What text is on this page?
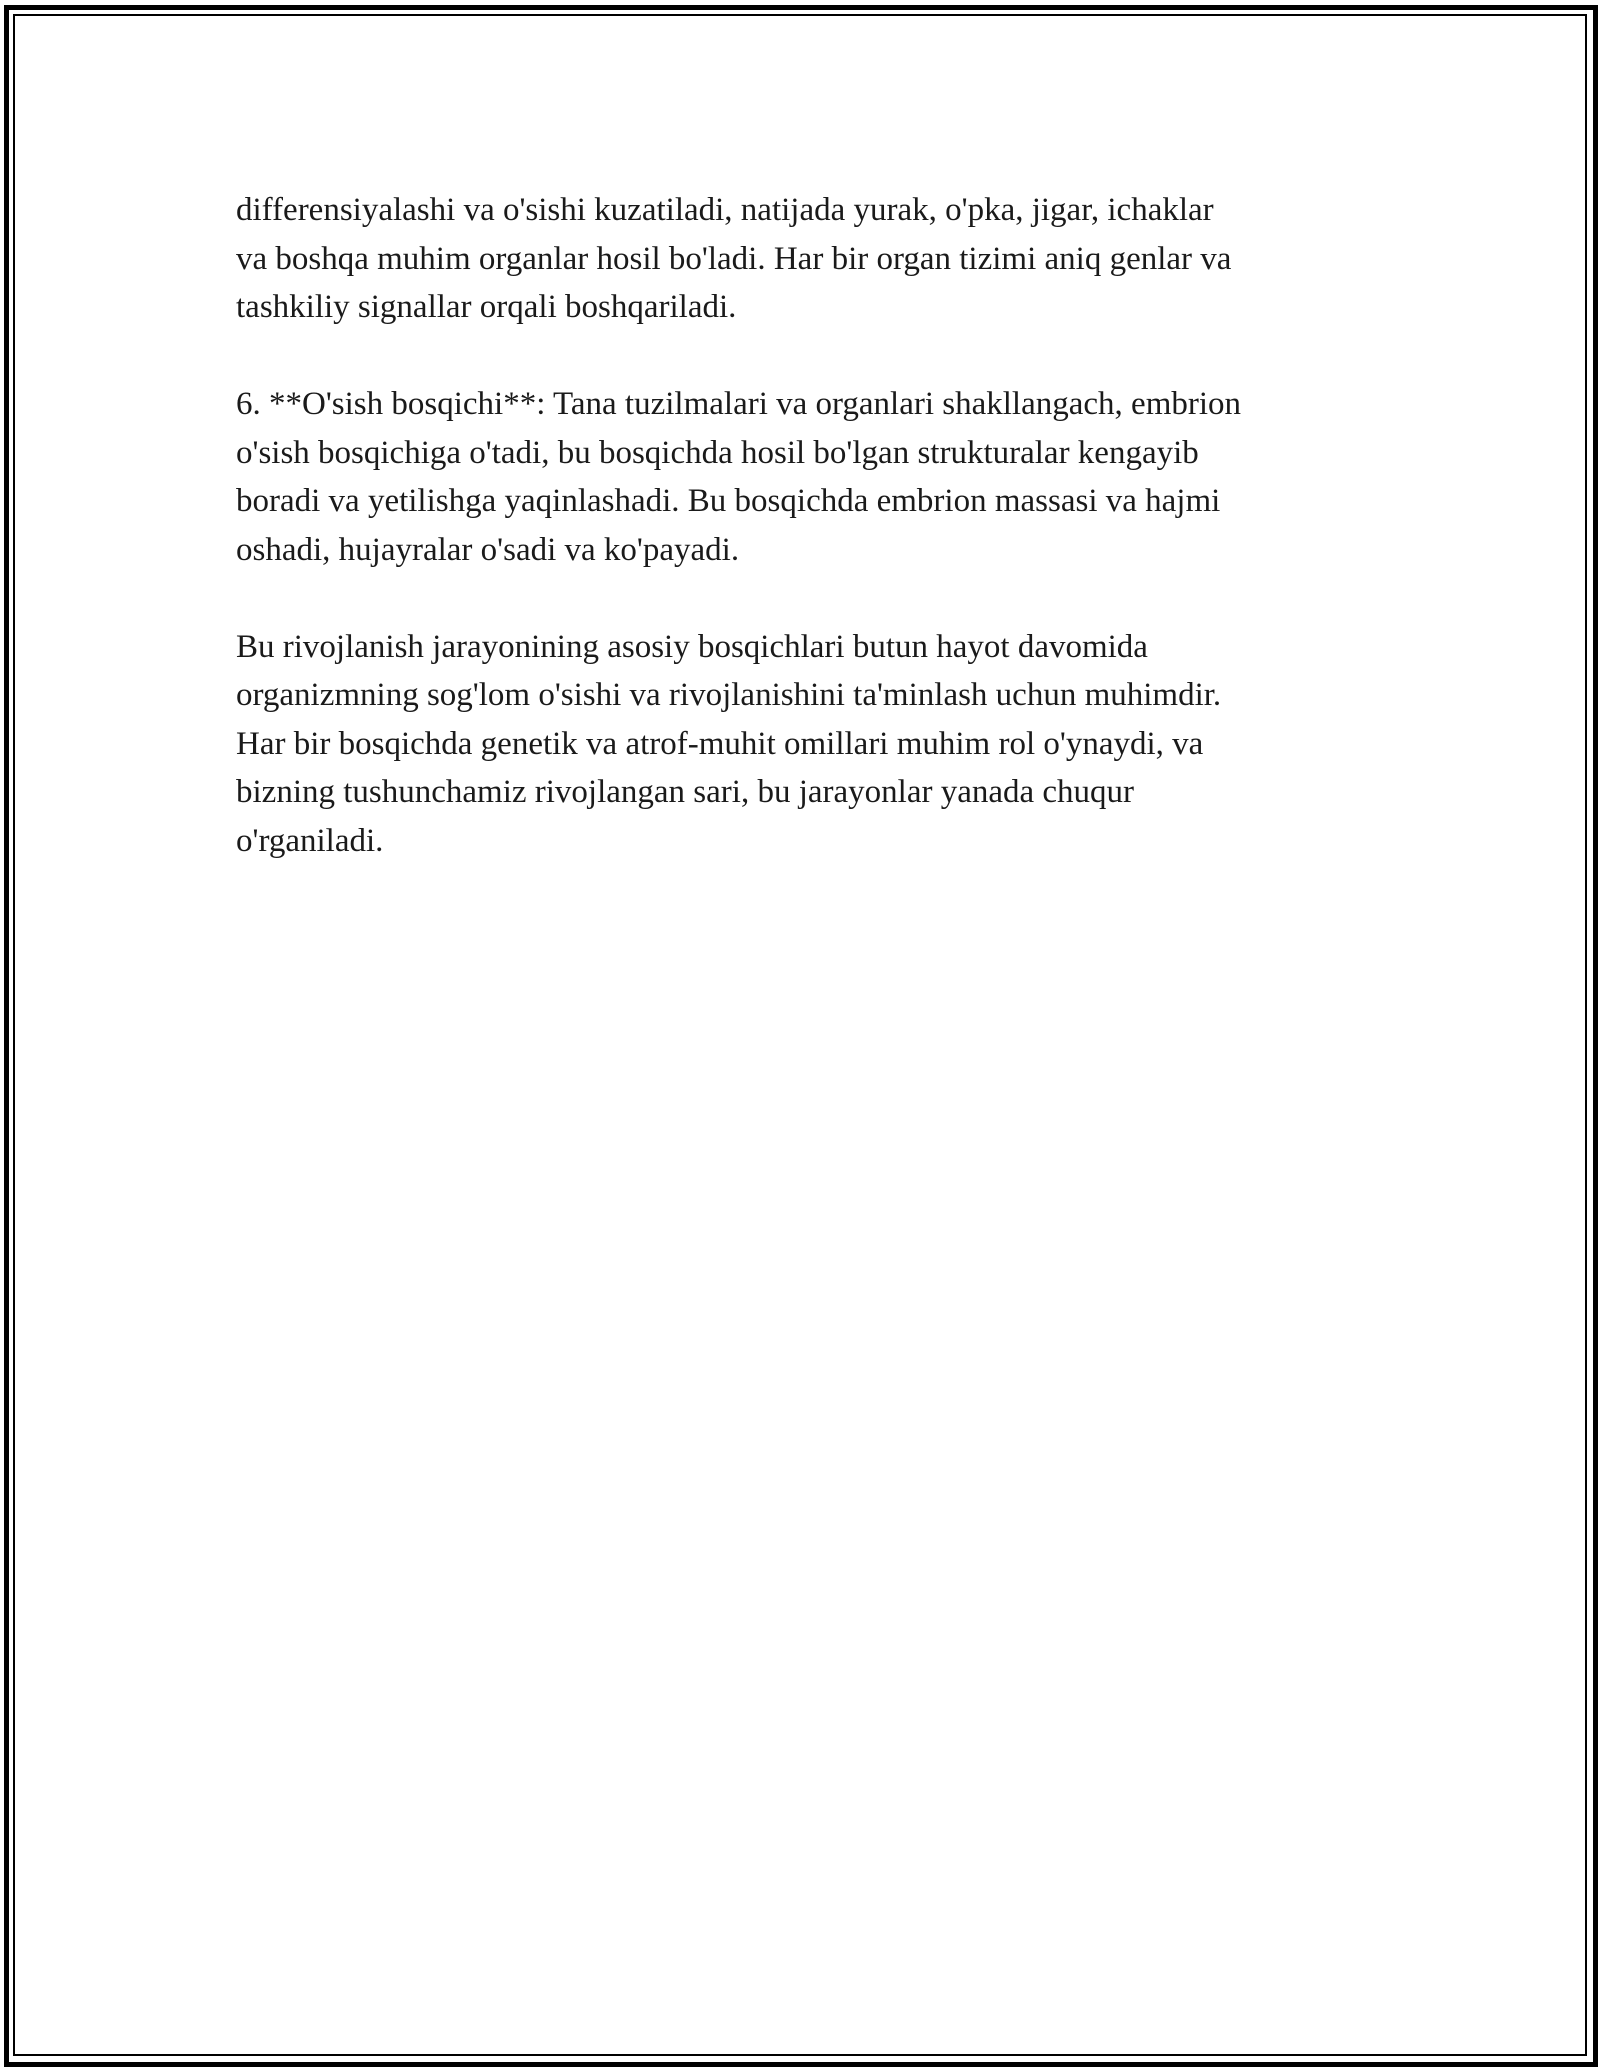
differensiyalashi va o'sishi kuzatiladi, natijada yurak, o'pka, jigar, ichaklar
va boshqa muhim organlar hosil bo'ladi. Har bir organ tizimi aniq genlar va
tashkiliy signallar orqali boshqariladi.

6. **O'sish bosqichi**: Tana tuzilmalari va organlari shakllangach, embrion
o'sish bosqichiga o'tadi, bu bosqichda hosil bo'lgan strukturalar kengayib
boradi va yetilishga yaqinlashadi. Bu bosqichda embrion massasi va hajmi
oshadi, hujayralar o'sadi va ko'payadi.

Bu rivojlanish jarayonining asosiy bosqichlari butun hayot davomida
organizmning sog'lom o'sishi va rivojlanishini ta'minlash uchun muhimdir.
Har bir bosqichda genetik va atrof-muhit omillari muhim rol o'ynaydi, va
bizning tushunchamiz rivojlangan sari, bu jarayonlar yanada chuqur
o'rganiladi.
